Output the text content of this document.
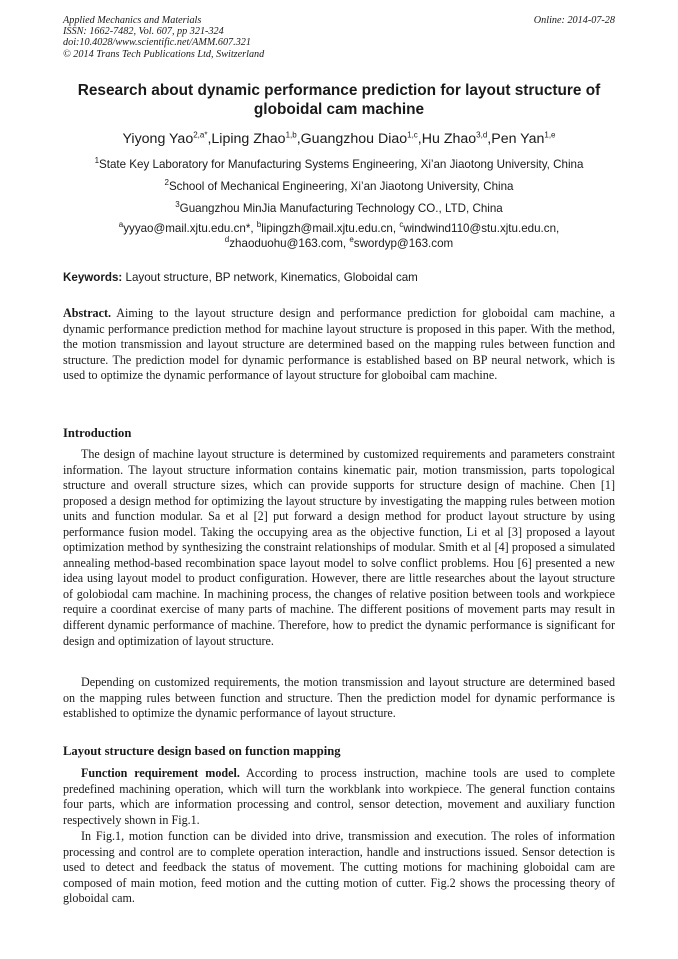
Applied Mechanics and Materials
ISSN: 1662-7482, Vol. 607, pp 321-324
doi:10.4028/www.scientific.net/AMM.607.321
© 2014 Trans Tech Publications Ltd, Switzerland
Online: 2014-07-28
Research about dynamic performance prediction for layout structure of globoidal cam machine
Yiyong Yao$^{2,a*}$,Liping Zhao$^{1,b}$,Guangzhou Diao$^{1,c}$,Hu Zhao$^{3,d}$,Pen Yan$^{1,e}$
$^1$State Key Laboratory for Manufacturing Systems Engineering, Xi’an Jiaotong University, China
$^2$School of Mechanical Engineering, Xi’an Jiaotong University, China
$^3$Guangzhou MinJia Manufacturing Technology CO., LTD, China
$^a$yyyao@mail.xjtu.edu.cn*, $^b$lipingzh@mail.xjtu.edu.cn, $^c$windwind110@stu.xjtu.edu.cn,
$^d$zhaoduohu@163.com, $^e$swordyp@163.com
Keywords: Layout structure, BP network, Kinematics, Globoidal cam

Abstract. Aiming to the layout structure design and performance prediction for globoidal cam machine, a dynamic performance prediction method for machine layout structure is proposed in this paper. With the method, the motion transmission and layout structure are determined based on the mapping rules between function and structure. The prediction model for dynamic performance is established based on BP neural network, which is used to optimize the dynamic performance of layout structure for globoibal cam machine.

Introduction

The design of machine layout structure is determined by customized requirements and parameters constraint information. The layout structure information contains kinematic pair, motion transmission, parts topological structure and overall structure sizes, which can provide supports for structure design of machine. Chen [1] proposed a design method for optimizing the layout structure by investigating the mapping rules between motion units and function modular. Sa et al [2] put forward a design method for product layout structure by using performance fusion model. Taking the occupying area as the objective function, Li et al [3] proposed a layout optimization method by synthesizing the constraint relationships of modular. Smith et al [4] proposed a simulated annealing method-based recombination space layout model to solve conflict problems. Hou [6] presented a new idea using layout model to product configuration. However, there are little researches about the layout structure of golobiodal cam machine. In machining process, the changes of relative position between tools and workpiece require a coordinat exercise of many parts of machine. The different positions of movement parts may result in different dynamic performance of machine. Therefore, how to predict the dynamic performance is significant for design and optimization of layout structure.

Depending on customized requirements, the motion transmission and layout structure are determined based on the mapping rules between function and structure. Then the prediction model for dynamic performance is established to optimize the dynamic performance of layout structure.

Layout structure design based on function mapping

Function requirement model. According to process instruction, machine tools are used to complete predefined machining operation, which will turn the workblank into workpiece. The general function contains four parts, which are information processing and control, sensor detection, movement and auxiliary function respectively shown in Fig.1.

In Fig.1, motion function can be divided into drive, transmission and execution. The roles of information processing and control are to complete operation interaction, handle and instructions issued. Sensor detection is used to detect and feedback the status of movement. The cutting motions for machining globoidal cam are composed of main motion, feed motion and the cutting motion of cutter. Fig.2 shows the processing theory of globoidal cam.
